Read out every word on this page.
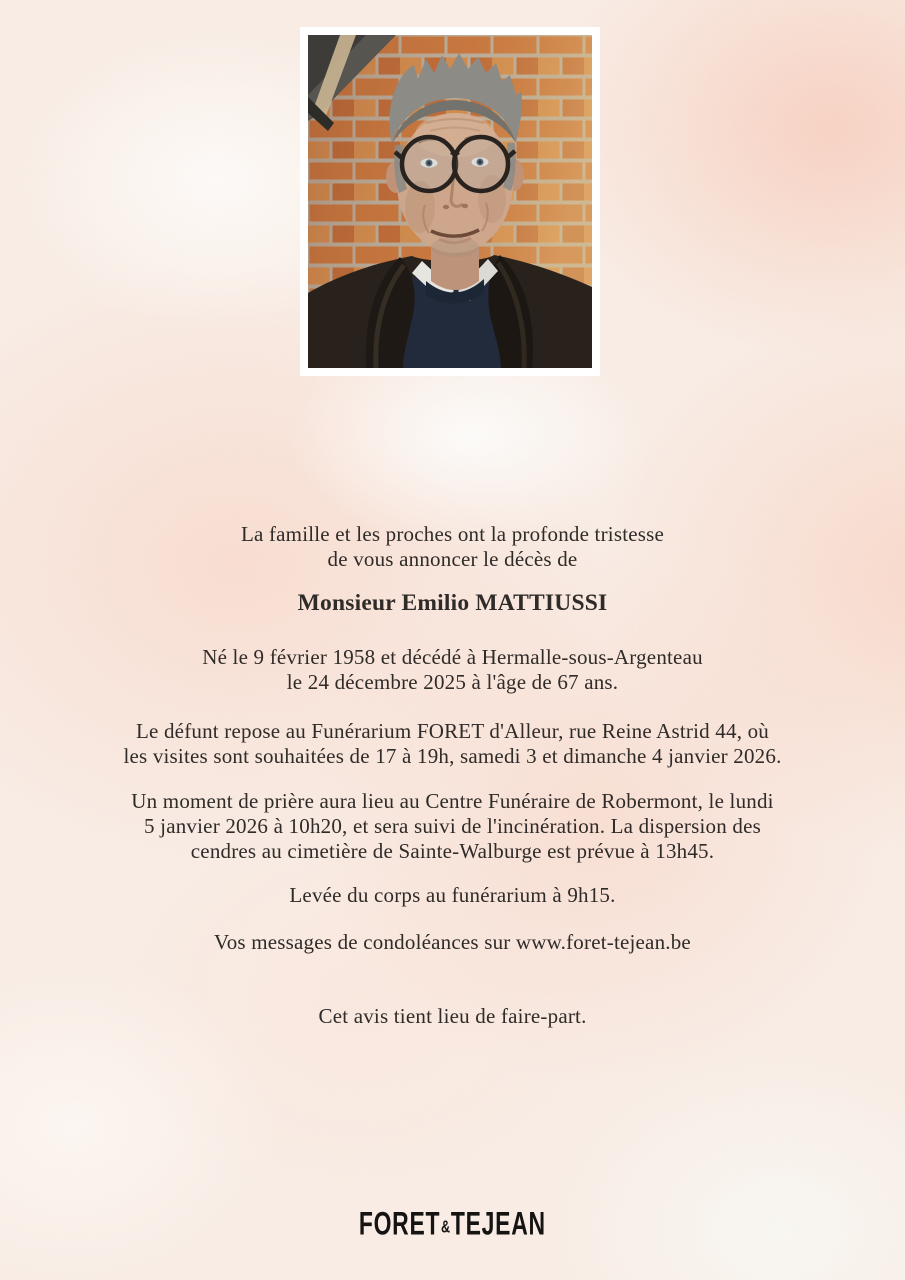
La famille et les proches ont la profonde tristesse
de vous annoncer le décès de

Monsieur Emilio MATTIUSSI

Né le 9 février 1958 et décédé à Hermalle-sous-Argenteau
le 24 décembre 2025 à l'âge de 67 ans.

Le défunt repose au Funérarium FORET d'Alleur, rue Reine Astrid 44, où
les visites sont souhaitées de 17 à 19h, samedi 3 et dimanche 4 janvier 2026.

Un moment de prière aura lieu au Centre Funéraire de Robermont, le lundi
5 janvier 2026 à 10h20, et sera suivi de l'incinération. La dispersion des
cendres au cimetière de Sainte-Walburge est prévue à 13h45.

Levée du corps au funérarium à 9h15.

Vos messages de condoléances sur www.foret-tejean.be

Cet avis tient lieu de faire-part.

FORET&TEJEAN
